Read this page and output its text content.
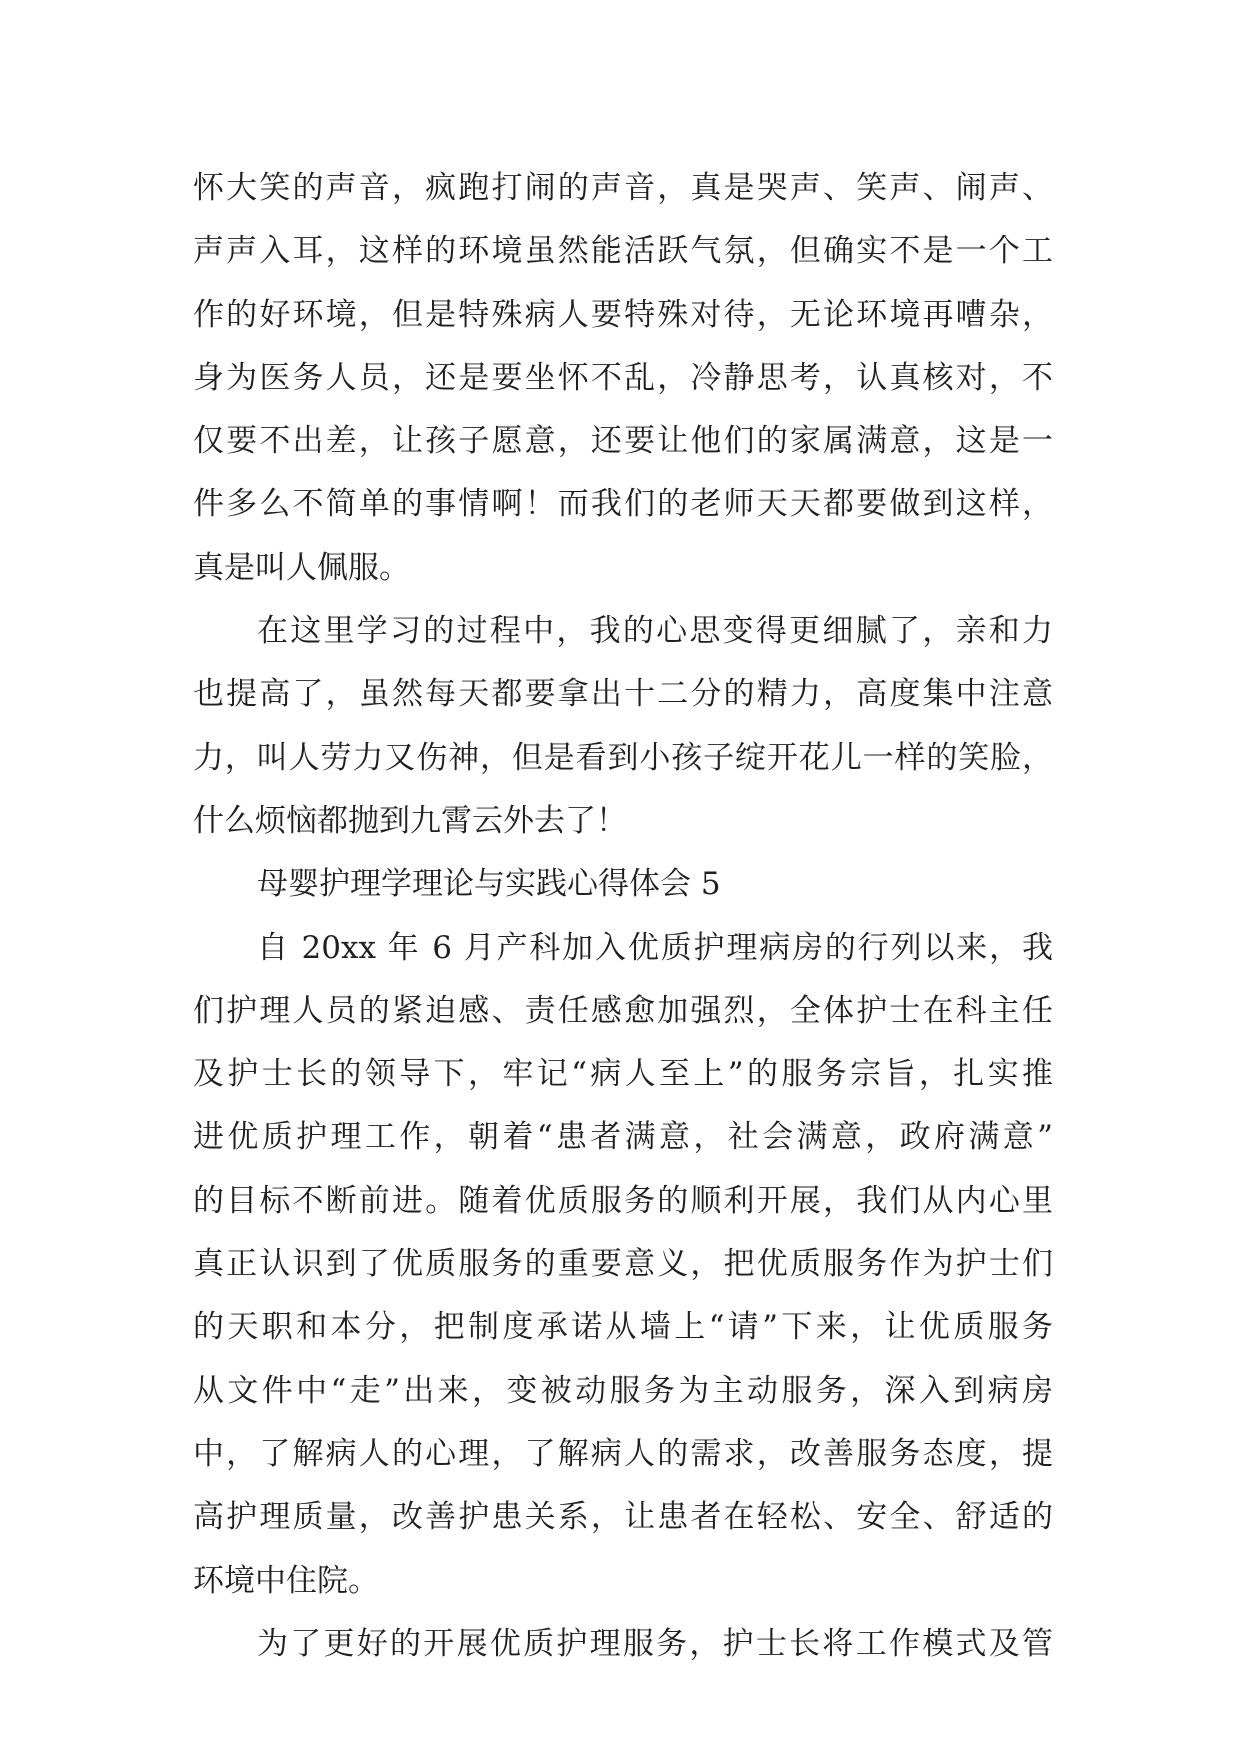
怀大笑的声音，疯跑打闹的声音，真是哭声、笑声、闹声、
声声入耳，这样的环境虽然能活跃气氛，但确实不是一个工
作的好环境，但是特殊病人要特殊对待，无论环境再嘈杂，
身为医务人员，还是要坐怀不乱，冷静思考，认真核对，不
仅要不出差，让孩子愿意，还要让他们的家属满意，这是一
件多么不简单的事情啊！而我们的老师天天都要做到这样，
真是叫人佩服。
在这里学习的过程中，我的心思变得更细腻了，亲和力
也提高了，虽然每天都要拿出十二分的精力，高度集中注意
力，叫人劳力又伤神，但是看到小孩子绽开花儿一样的笑脸，
什么烦恼都抛到九霄云外去了！
母婴护理学理论与实践心得体会 5
自 20xx 年 6 月产科加入优质护理病房的行列以来，我
们护理人员的紧迫感、责任感愈加强烈，全体护士在科主任
及护士长的领导下，牢记“病人至上”的服务宗旨，扎实推
进优质护理工作，朝着“患者满意，社会满意，政府满意”
的目标不断前进。随着优质服务的顺利开展，我们从内心里
真正认识到了优质服务的重要意义，把优质服务作为护士们
的天职和本分，把制度承诺从墙上“请”下来，让优质服务
从文件中“走”出来，变被动服务为主动服务，深入到病房
中，了解病人的心理，了解病人的需求，改善服务态度，提
高护理质量，改善护患关系，让患者在轻松、安全、舒适的
环境中住院。
为了更好的开展优质护理服务，护士长将工作模式及管
